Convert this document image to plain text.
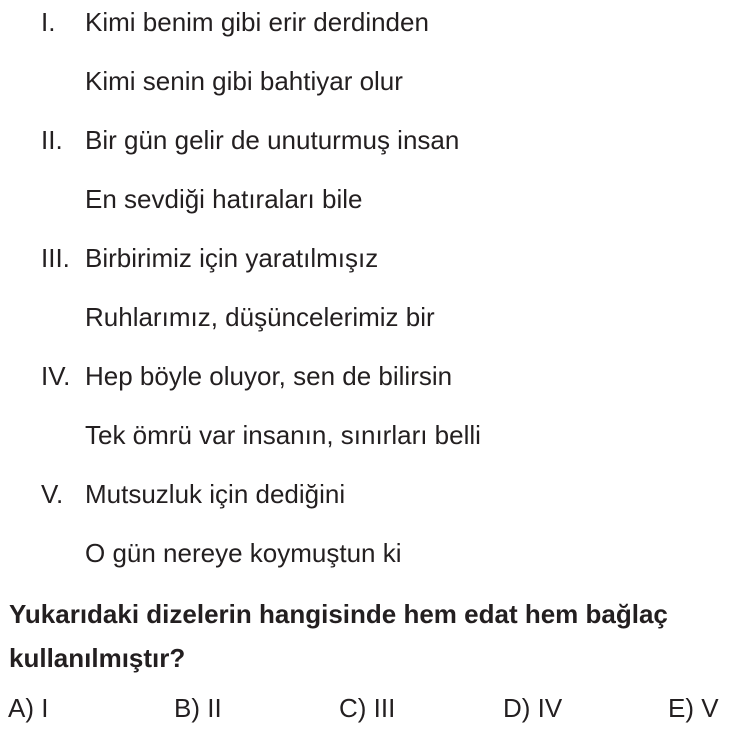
I. Kimi benim gibi erir derdinden
Kimi senin gibi bahtiyar olur
II. Bir gün gelir de unuturmuş insan
En sevdiği hatıraları bile
III. Birbirimiz için yaratılmışız
Ruhlarımız, düşüncelerimiz bir
IV. Hep böyle oluyor, sen de bilirsin
Tek ömrü var insanın, sınırları belli
V. Mutsuzluk için dediğini
O gün nereye koymuştun ki
Yukarıdaki dizelerin hangisinde hem edat hem bağlaç
kullanılmıştır?
A) I	B) II	C) III	D) IV	E) V
